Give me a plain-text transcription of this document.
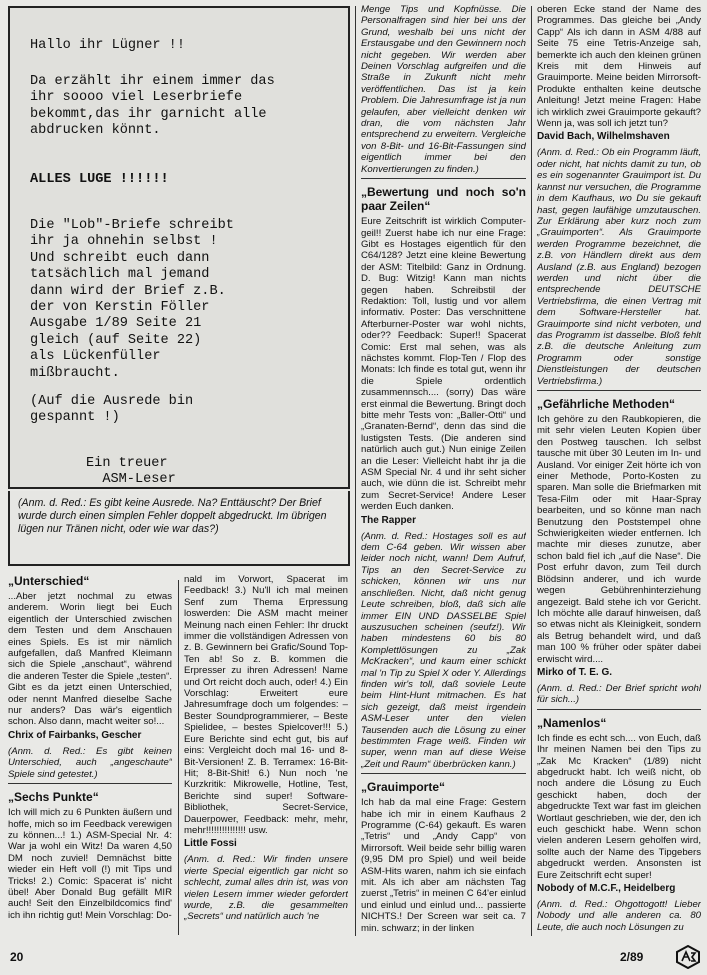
Hallo ihr Lügner !!
Da erzählt ihr einem immer das
ihr soooo viel Leserbriefe
bekommt,das ihr garnicht alle
abdrucken könnt.
ALLES LUGE !!!!!!
Die "Lob"-Briefe schreibt
ihr ja ohnehin selbst !
Und schreibt euch dann
tatsächlich mal jemand
dann wird der Brief z.B.
der von Kerstin Föller
Ausgabe 1/89 Seite 21
gleich (auf Seite 22)
als Lückenfüller
mißbraucht.
(Auf die Ausrede bin
gespannt !)
Ein treuer
ASM-Leser
(Anm. d. Red.: Es gibt keine Ausrede. Na? Enttäuscht? Der Brief wurde durch einen simplen Fehler doppelt abgedruckt. Im übrigen lügen nur Tränen nicht, oder wie war das?)
„Unterschied“

...Aber jetzt nochmal zu etwas anderem. Worin liegt bei Euch eigentlich der Unterschied zwischen dem Testen und dem Anschauen eines Spiels. Es ist mir nämlich aufgefallen, daß Manfred Kleimann sich die Spiele „anschaut“, während die anderen Tester die Spiele „testen“. Gibt es da jetzt einen Unterschied, oder nennt Manfred dieselbe Sache nur anders? Das wär's eigentlich schon. Also dann, macht weiter so!...

Chrix of Fairbanks, Gescher

(Anm. d. Red.: Es gibt keinen Unterschied, auch „angeschaute“ Spiele sind getestet.)

„Sechs Punkte“

Ich will mich zu 6 Punkten äußern und hoffe, mich so im Feedback verewigen zu können...! 1.) ASM-Special Nr. 4: War ja wohl ein Witz! Da waren 4,50 DM noch zuviel! Demnächst bitte wieder ein Heft voll (!) mit Tips und Tricks! 2.) Comic: Spacerat is' nicht übel! Aber Donald Bug gefällt MIR auch! Seit den Einzelbildcomics find' ich ihn richtig gut! Mein Vorschlag: Do-

nald im Vorwort, Spacerat im Feedback! 3.) Nu'll ich mal meinen Senf zum Thema Erpressung loswerden: Die ASM macht meiner Meinung nach einen Fehler: Ihr druckt immer die vollständigen Adressen von z. B. Gewinnern bei Grafic/Sound Top-Ten ab! So z. B. kommen die Erpresser zu ihren Adressen! Name und Ort reicht doch auch, oder! 4.) Ein Vorschlag: Erweitert eure Jahresumfrage doch um folgendes: – Bester Soundprogrammierer, – Beste Spielidee, – bestes Spielcover!!! 5.) Eure Berichte sind echt gut, bis auf eins: Vergleicht doch mal 16- und 8-Bit-Versionen! Z. B. Terramex: 16-Bit-Hit; 8-Bit-Shit! 6.) Nun noch 'ne Kurzkritik: Mikrowelle, Hotline, Test, Berichte sind super! Software-Bibliothek, Secret-Service, Dauerpower, Feedback: mehr, mehr, mehr!!!!!!!!!!!!!!! usw.

Little Fossi

(Anm. d. Red.: Wir finden unsere vierte Special eigentlich gar nicht so schlecht, zumal alles drin ist, was von vielen Lesern immer wieder gefordert wurde, z.B. die gesammelten „Secrets“ und natürlich auch 'ne

Menge Tips und Kopfnüsse. Die Personalfragen sind hier bei uns der Grund, weshalb bei uns nicht der Erstausgabe und den Gewinnern noch nicht gegeben. Wir werden aber Deinen Vorschlag aufgreifen und die Straße in Zukunft nicht mehr veröffentlichen. Das ist ja kein Problem. Die Jahresumfrage ist ja nun gelaufen, aber vielleicht denken wir dran, die vom nächsten Jahr entsprechend zu erweitern. Vergleiche von 8-Bit- und 16-Bit-Fassungen sind eigentlich immer bei den Konvertierungen zu finden.)

„Bewertung und noch so'n paar Zeilen“

Eure Zeitschrift ist wirklich Computer-geil!! Zuerst habe ich nur eine Frage: Gibt es Hostages eigentlich für den C64/128? Jetzt eine kleine Bewertung der ASM: Titelbild: Ganz in Ordnung. D. Bug: Witzig! Kann man nichts gegen haben. Schreibstil der Redaktion: Toll, lustig und vor allem informativ. Poster: Das verschnittene Afterburner-Poster war wohl nichts, oder?? Feedback: Super!! Spacerat Comic: Erst mal sehen, was als nächstes kommt. Flop-Ten / Flop des Monats: Ich finde es total gut, wenn ihr die Spiele ordentlich zusammennsch.... (sorry) Das wäre erst einmal die Bewertung. Bringt doch bitte mehr Tests von: „Baller-Otti“ und „Granaten-Bernd“, denn das sind die lustigsten Tests. (Die anderen sind natürlich auch gut.) Nun einige Zeilen an die Leser: Vielleicht habt ihr ja die ASM Special Nr. 4 und ihr seht sicher auch, wie dünn die ist. Schreibt mehr zum Secret-Service! Andere Leser werden Euch danken.

The Rapper

(Anm. d. Red.: Hostages soll es auf dem C-64 geben. Wir wissen aber leider noch nicht, wann! Dem Aufruf, Tips an den Secret-Service zu schicken, können wir uns nur anschließen. Nicht, daß nicht genug Leute schreiben, bloß, daß sich alle immer EIN UND DASSELBE Spiel auszusuchen scheinen (seufz!). Wir haben mindestens 60 bis 80 Komplettlösungen zu „Zak McKracken“, und kaum einer schickt mal 'n Tip zu Spiel X oder Y. Allerdings finden wir's toll, daß soviele Leute beim Hint-Hunt mitmachen. Es hat sich gezeigt, daß meist irgendein ASM-Leser unter den vielen Tausenden auch die Lösung zu einer bestimmten Frage weiß. Finden wir super, wenn man auf diese Weise „Zeit und Raum“ überbrücken kann.)

„Grauimporte“

Ich hab da mal eine Frage: Gestern habe ich mir in einem Kaufhaus 2 Programme (C-64) gekauft. Es waren „Tetris“ und „Andy Capp“ von Mirrorsoft. Weil beide sehr billig waren (9,95 DM pro Spiel) und weil beide ASM-Hits waren, nahm ich sie einfach mit. Als ich aber am nächsten Tag zuerst „Tetris“ in meinen C 64'er einlud und einlud und einlud und... passierte NICHTS.! Der Screen war seit ca. 7 min. schwarz; in der linken

oberen Ecke stand der Name des Programmes. Das gleiche bei „Andy Capp“ Als ich dann in ASM 4/88 auf Seite 75 eine Tetris-Anzeige sah, bemerkte ich auch den kleinen grünen Kreis mit dem Hinweis auf Grauimporte. Meine beiden Mirrorsoft-Produkte enthalten keine deutsche Anleitung! Jetzt meine Fragen: Habe ich wirklich zwei Grauimporte gekauft? Wenn ja, was soll ich jetzt tun?

David Bach, Wilhelmshaven

(Anm. d. Red.: Ob ein Programm läuft, oder nicht, hat nichts damit zu tun, ob es ein sogenannter Grauimport ist. Du kannst nur versuchen, die Programme in dem Kaufhaus, wo Du sie gekauft hast, gegen laufähige umzutauschen. Zur Erklärung aber kurz noch zum „Grauimporten“. Als Grauimporte werden Programme bezeichnet, die z.B. von Händlern direkt aus dem Ausland (z.B. aus England) bezogen werden und nicht über die entsprechende DEUTSCHE Vertriebsfirma, die einen Vertrag mit dem Software-Hersteller hat. Grauimporte sind nicht verboten, und das Programm ist dasselbe. Bloß fehlt z.B. die deutsche Anleitung zum Programm oder sonstige Dienstleistungen der deutschen Vertriebsfirma.)

„Gefährliche Methoden“

Ich gehöre zu den Raubkopieren, die mit sehr vielen Leuten Kopien über den Postweg tauschen. Ich selbst tausche mit über 30 Leuten im In- und Ausland. Vor einiger Zeit hörte ich von einer Methode, Porto-Kosten zu sparen. Man solle die Briefmarken mit Tesa-Film oder mit Haar-Spray bearbeiten, und so könne man nach Benutzung den Poststempel ohne Schwierigkeiten wieder entfernen. Ich machte mir dieses zunutze, aber schon bald fiel ich „auf die Nase“. Die Post erfuhr davon, zum Teil durch Blödsinn anderer, und ich wurde wegen Gebührenhinterziehung angezeigt. Bald stehe ich vor Gericht. Ich möchte alle darauf hinweisen, daß so etwas nicht als Kleinigkeit, sondern als Betrug behandelt wird, und daß man 100 % früher oder später dabei erwischt wird....

Mirko of T. E. G.

(Anm. d. Red.: Der Brief spricht wohl für sich...)

„Namenlos“

Ich finde es echt sch.... von Euch, daß Ihr meinen Namen bei den Tips zu „Zak Mc Kracken“ (1/89) nicht abgedruckt habt. Ich weiß nicht, ob noch andere die Lösung zu Euch geschickt haben, doch der abgedruckte Text war fast im gleichen Wortlaut geschrieben, wie der, den ich euch geschickt habe. Wenn schon vielen anderen Lesern geholfen wird, sollte auch der Name des Tipgebers abgedruckt werden. Ansonsten ist Eure Zeitschrift echt super!

Nobody of M.C.F., Heidelberg

(Anm. d. Red.: Ohgottogott! Lieber Nobody und alle anderen ca. 80 Leute, die auch noch Lösungen zu

20	2/89
